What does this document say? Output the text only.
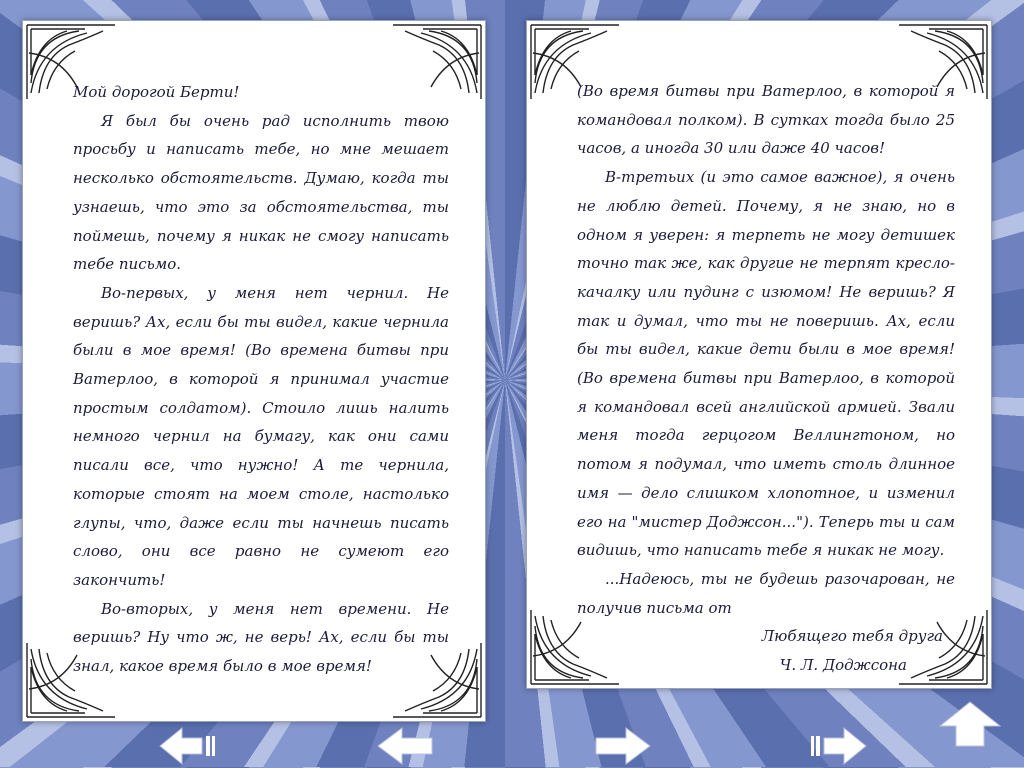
Мой дорогой Берти!

Я был бы очень рад исполнить твою просьбу и написать тебе, но мне мешает несколько обстоятельств. Думаю, когда ты узнаешь, что это за обстоятельства, ты поймешь, почему я никак не смогу написать тебе письмо.

Во-первых, у меня нет чернил. Не веришь? Ах, если бы ты видел, какие чернила были в мое время! (Во времена битвы при Ватерлоо, в которой я принимал участие простым солдатом). Стоило лишь налить немного чернил на бумагу, как они сами писали все, что нужно! А те чернила, которые стоят на моем столе, настолько глупы, что, даже если ты начнешь писать слово, они все равно не сумеют его закончить!

Во-вторых, у меня нет времени. Не веришь? Ну что ж, не верь! Ах, если бы ты знал, какое время было в мое время!

(Во время битвы при Ватерлоо, в которой я командовал полком). В сутках тогда было 25 часов, а иногда 30 или даже 40 часов!

В-третьих (и это самое важное), я очень не люблю детей. Почему, я не знаю, но в одном я уверен: я терпеть не могу детишек точно так же, как другие не терпят кресло-качалку или пудинг с изюмом! Не веришь? Я так и думал, что ты не поверишь. Ах, если бы ты видел, какие дети были в мое время! (Во времена битвы при Ватерлоо, в которой я командовал всей английской армией. Звали меня тогда герцогом Веллингтоном, но потом я подумал, что иметь столь длинное имя — дело слишком хлопотное, и изменил его на "мистер Доджсон..."). Теперь ты и сам видишь, что написать тебе я никак не могу.

...Надеюсь, ты не будешь разочарован, не получив письма от

Любящего тебя друга

Ч. Л. Доджсона
